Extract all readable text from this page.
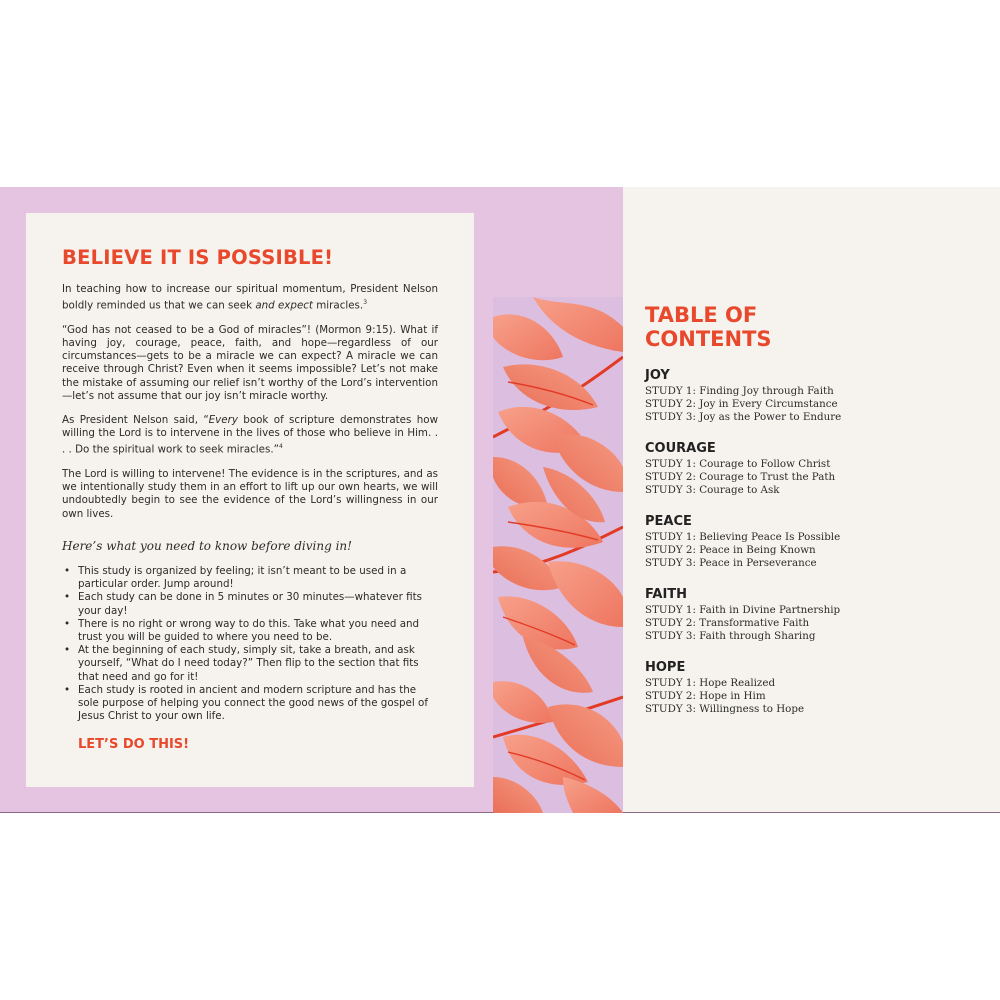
BELIEVE IT IS POSSIBLE!

In teaching how to increase our spiritual momentum, President Nelson boldly reminded us that we can seek and expect miracles.$^3$

“God has not ceased to be a God of miracles”! (Mormon 9:15). What if having joy, courage, peace, faith, and hope—regardless of our circumstances—gets to be a miracle we can expect? A miracle we can receive through Christ? Even when it seems impossible? Let’s not make the mistake of assuming our relief isn’t worthy of the Lord’s intervention—let’s not assume that our joy isn’t miracle worthy.

As President Nelson said, “Every book of scripture demonstrates how willing the Lord is to intervene in the lives of those who believe in Him. . . . Do the spiritual work to seek miracles.”$^4$

The Lord is willing to intervene! The evidence is in the scriptures, and as we intentionally study them in an effort to lift up our own hearts, we will undoubtedly begin to see the evidence of the Lord’s willingness in our own lives.

Here’s what you need to know before diving in!
• This study is organized by feeling; it isn’t meant to be used in a particular order. Jump around!
• Each study can be done in 5 minutes or 30 minutes—whatever fits your day!
• There is no right or wrong way to do this. Take what you need and trust you will be guided to where you need to be.
• At the beginning of each study, simply sit, take a breath, and ask yourself, “What do I need today?” Then flip to the section that fits that need and go for it!
• Each study is rooted in ancient and modern scripture and has the sole purpose of helping you connect the good news of the gospel of Jesus Christ to your own life.
LET’S DO THIS!
TABLE OF
CONTENTS
JOY
STUDY 1: Finding Joy through Faith
STUDY 2: Joy in Every Circumstance
STUDY 3: Joy as the Power to Endure
COURAGE
STUDY 1: Courage to Follow Christ
STUDY 2: Courage to Trust the Path
STUDY 3: Courage to Ask
PEACE
STUDY 1: Believing Peace Is Possible
STUDY 2: Peace in Being Known
STUDY 3: Peace in Perseverance
FAITH
STUDY 1: Faith in Divine Partnership
STUDY 2: Transformative Faith
STUDY 3: Faith through Sharing
HOPE
STUDY 1: Hope Realized
STUDY 2: Hope in Him
STUDY 3: Willingness to Hope
